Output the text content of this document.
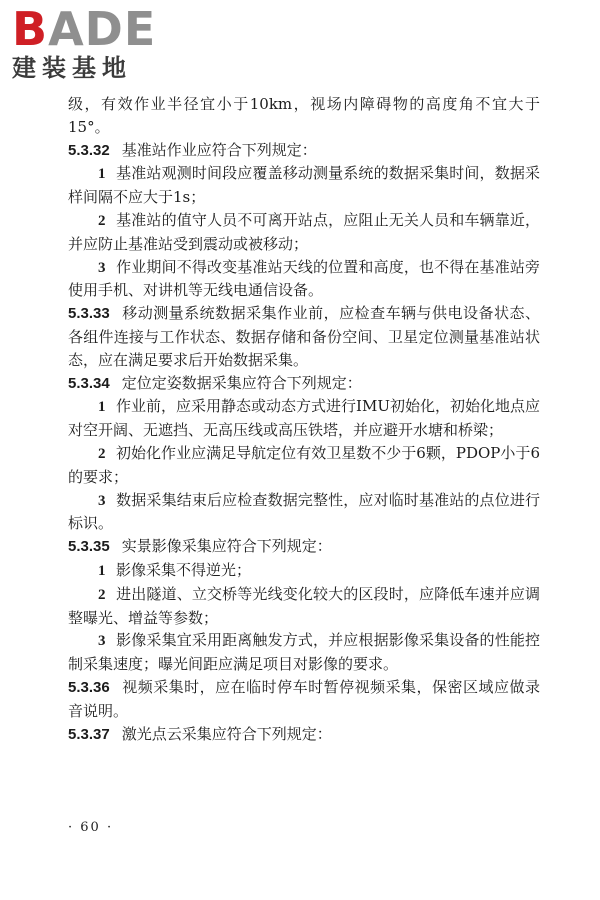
BADE
建装基地

级，有效作业半径宜小于10km，视场内障碍物的高度角不宜大于15°。

5.3.32 基准站作业应符合下列规定：

1 基准站观测时间段应覆盖移动测量系统的数据采集时间，数据采样间隔不应大于1s；

2 基准站的值守人员不可离开站点，应阻止无关人员和车辆靠近，并应防止基准站受到震动或被移动；

3 作业期间不得改变基准站天线的位置和高度，也不得在基准站旁使用手机、对讲机等无线电通信设备。

5.3.33 移动测量系统数据采集作业前，应检查车辆与供电设备状态、各组件连接与工作状态、数据存储和备份空间、卫星定位测量基准站状态，应在满足要求后开始数据采集。

5.3.34 定位定姿数据采集应符合下列规定：

1 作业前，应采用静态或动态方式进行IMU初始化，初始化地点应对空开阔、无遮挡、无高压线或高压铁塔，并应避开水塘和桥梁；

2 初始化作业应满足导航定位有效卫星数不少于6颗，PDOP小于6的要求；

3 数据采集结束后应检查数据完整性，应对临时基准站的点位进行标识。

5.3.35 实景影像采集应符合下列规定：

1 影像采集不得逆光；

2 进出隧道、立交桥等光线变化较大的区段时，应降低车速并应调整曝光、增益等参数；

3 影像采集宜采用距离触发方式，并应根据影像采集设备的性能控制采集速度；曝光间距应满足项目对影像的要求。

5.3.36 视频采集时，应在临时停车时暂停视频采集，保密区域应做录音说明。

5.3.37 激光点云采集应符合下列规定：

· 60 ·
